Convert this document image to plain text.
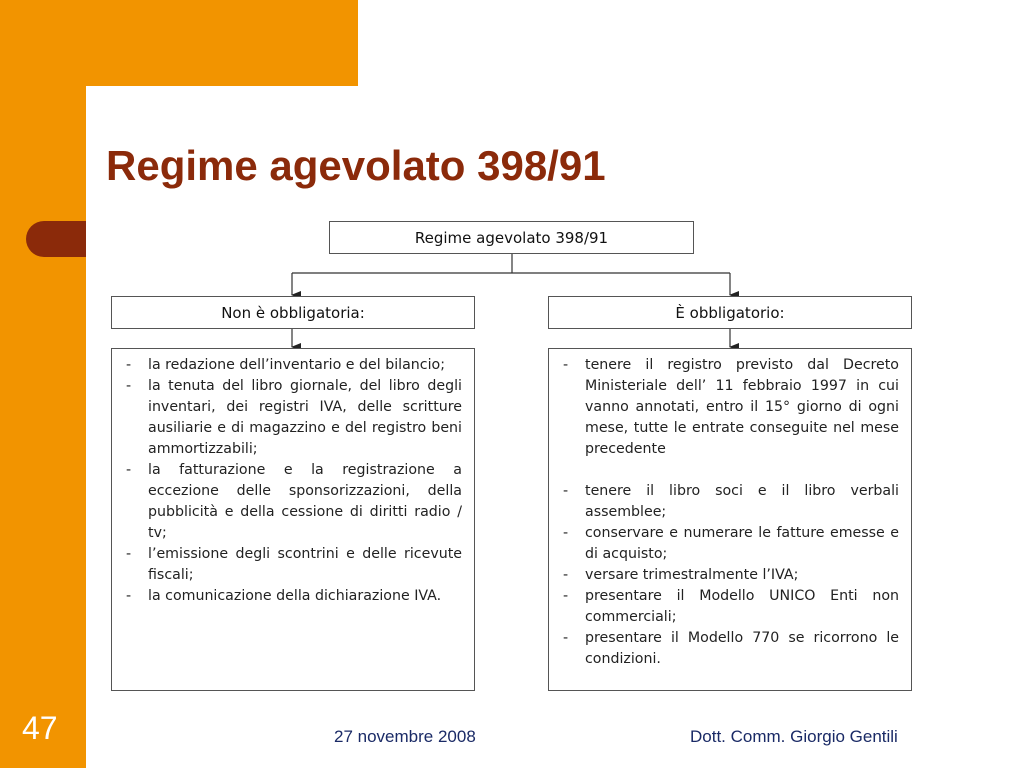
Regime agevolato 398/91
Regime agevolato 398/91
Non è obbligatoria:	È obbligatorio:
- la redazione dell’inventario e del bilancio;
- la tenuta del libro giornale, del libro degli inventari, dei registri IVA, delle scritture ausiliarie e di magazzino e del registro beni ammortizzabili;
- la fatturazione e la registrazione a eccezione delle sponsorizzazioni, della pubblicità e della cessione di diritti radio / tv;
- l’emissione degli scontrini e delle ricevute fiscali;
- la comunicazione della dichiarazione IVA.
- tenere il registro previsto dal Decreto Ministeriale dell’ 11 febbraio 1997 in cui vanno annotati, entro il 15° giorno di ogni mese, tutte le entrate conseguite nel mese precedente
- tenere il libro soci e il libro verbali assemblee;
- conservare e numerare le fatture emesse e di acquisto;
- versare trimestralmente l’IVA;
- presentare il Modello UNICO Enti non commerciali;
- presentare il Modello 770 se ricorrono le condizioni.
47	27 novembre 2008	Dott. Comm. Giorgio Gentili
